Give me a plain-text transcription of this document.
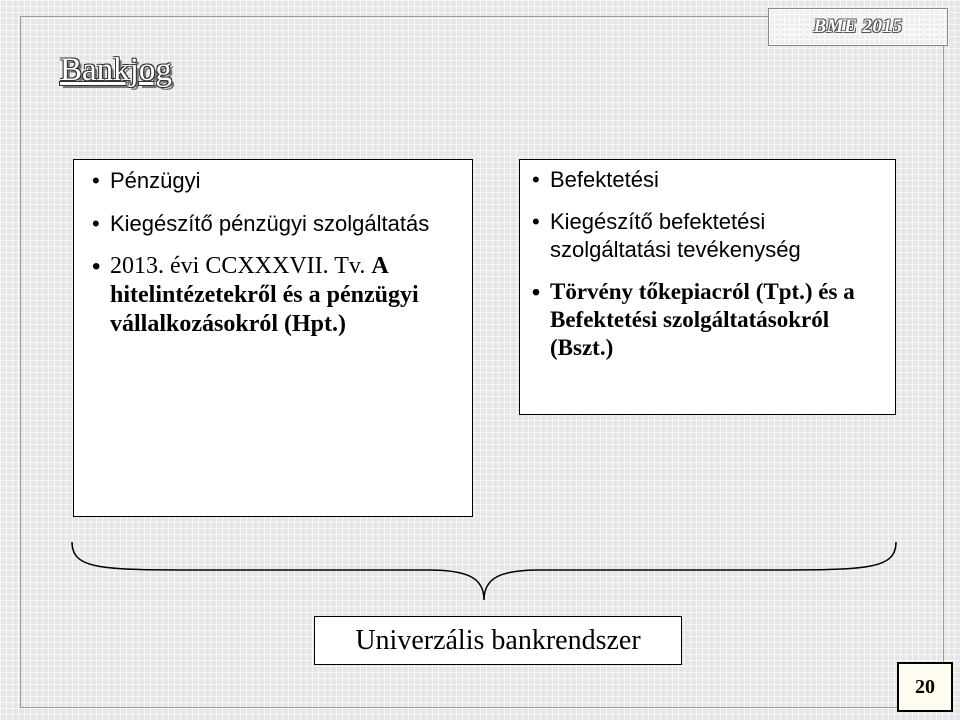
BME 2015
Bankjog
• Pénzügyi
• Kiegészítő pénzügyi szolgáltatás
• 2013. évi CCXXXVII. Tv. A hitelintézetekről és a pénzügyi vállalkozásokról (Hpt.)
• Befektetési
• Kiegészítő befektetési szolgáltatási tevékenység
• Törvény tőkepiacról (Tpt.) és a Befektetési szolgáltatásokról (Bszt.)
Univerzális bankrendszer
20
